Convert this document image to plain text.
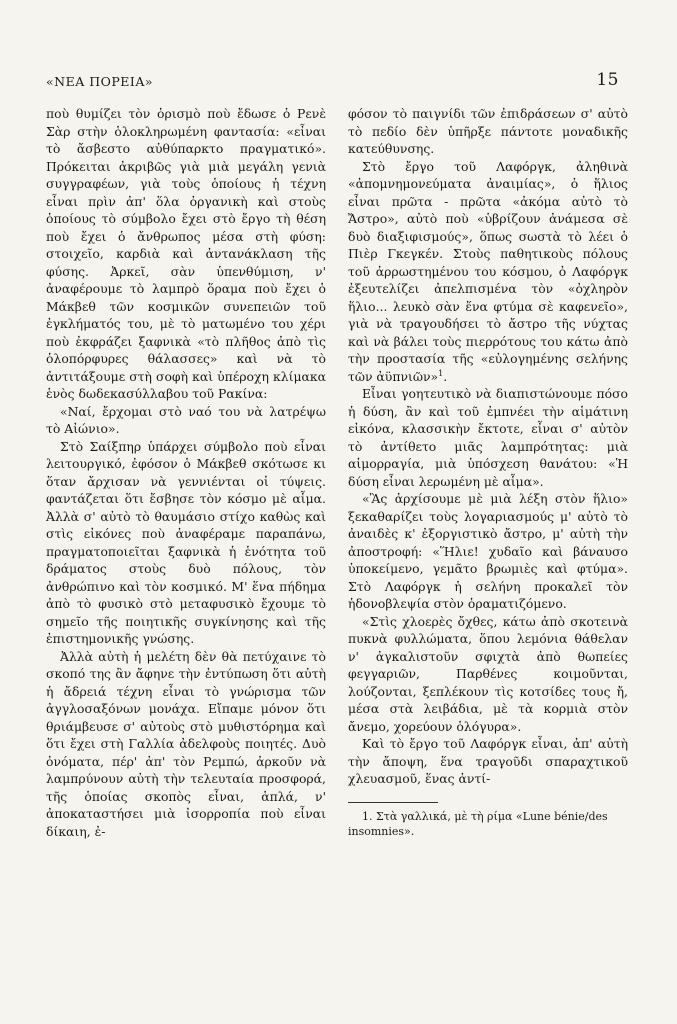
«ΝΕΑ ΠΟΡΕΙΑ»	15

ποὺ θυμίζει τὸν ὁρισμὸ ποὺ ἔδωσε ὁ Ρενὲ Σὰρ στὴν ὁλοκληρωμένη φαντασία: «εἶναι τὸ ἄσβεστο αὐθύπαρκτο πραγματικό». Πρόκειται ἀκριβῶς γιὰ μιὰ μεγάλη γενιὰ συγγραφέων, γιὰ τοὺς ὁποίους ἡ τέχνη εἶναι πρὶν ἀπ' ὅλα ὀργανικὴ καὶ στοὺς ὁποίους τὸ σύμβολο ἔχει στὸ ἔργο τὴ θέση ποὺ ἔχει ὁ ἄνθρωπος μέσα στὴ φύση: στοιχεῖο, καρδιὰ καὶ ἀντανάκλαση τῆς φύσης. Ἀρκεῖ, σὰν ὑπενθύμιση, ν' ἀναφέρουμε τὸ λαμπρὸ ὅραμα ποὺ ἔχει ὁ Μάκβεθ τῶν κοσμικῶν συνεπειῶν τοῦ ἐγκλήματός του, μὲ τὸ ματωμένο του χέρι ποὺ ἐκφράζει ξαφνικὰ «τὸ πλῆθος ἀπὸ τὶς ὁλοπόρφυρες θάλασσες» καὶ νὰ τὸ ἀντιτάξουμε στὴ σοφὴ καὶ ὑπέροχη κλίμακα ἑνὸς δωδεκασύλλαβου τοῦ Ρακίνα:

«Ναί, ἔρχομαι στὸ ναό του νὰ λατρέψω τὸ Αἰώνιο».

Στὸ Σαίξπηρ ὑπάρχει σύμβολο ποὺ εἶναι λειτουργικό, ἐφόσον ὁ Μάκβεθ σκότωσε κι ὅταν ἄρχισαν νὰ γεννιένται οἱ τύψεις. φαντάζεται ὅτι ἔσβησε τὸν κόσμο μὲ αἷμα. Ἀλλὰ σ' αὐτὸ τὸ θαυμάσιο στίχο καθὼς καὶ στὶς εἰκόνες ποὺ ἀναφέραμε παραπάνω, πραγματοποιεῖται ξαφνικὰ ἡ ἑνότητα τοῦ δράματος στοὺς δυὸ πόλους, τὸν ἀνθρώπινο καὶ τὸν κοσμικό. Μ' ἕνα πήδημα ἀπὸ τὸ φυσικὸ στὸ μεταφυσικὸ ἔχουμε τὸ σημεῖο τῆς ποιητικῆς συγκίνησης καὶ τῆς ἐπιστημονικῆς γνώσης.

Ἀλλὰ αὐτὴ ἡ μελέτη δὲν θὰ πετύχαινε τὸ σκοπό της ἂν ἄφηνε τὴν ἐντύπωση ὅτι αὐτὴ ἡ ἄδρειά τέχνη εἶναι τὸ γνώρισμα τῶν ἀγγλοσαξόνων μονάχα. Εἴπαμε μόνον ὅτι θριάμβευσε σ' αὐτοὺς στὸ μυθιστόρημα καὶ ὅτι ἔχει στὴ Γαλλία ἀδελφοὺς ποιητές. Δυὸ ὀνόματα, πέρ' ἀπ' τὸν Ρεμπώ, ἀρκοῦν νὰ λαμπρύνουν αὐτὴ τὴν τελευταία προσφορά, τῆς ὁποίας σκοπὸς εἶναι, ἁπλά, ν' ἀποκαταστήσει μιὰ ἰσορροπία ποὺ εἶναι δίκαιη, ἐ-

φόσον τὸ παιγνίδι τῶν ἐπιδράσεων σ' αὐτὸ τὸ πεδίο δὲν ὑπῆρξε πάντοτε μοναδικῆς κατεύθυνσης.

Στὸ ἔργο τοῦ Λαφόργκ, ἀληθινὰ «ἀπομνημονεύματα ἀναιμίας», ὁ ἥλιος εἶναι πρῶτα - πρῶτα «ἀκόμα αὐτὸ τὸ Ἄστρο», αὐτὸ ποὺ «ὑβρίζουν ἀνάμεσα σὲ δυὸ διαξιφισμούς», ὅπως σωστὰ τὸ λέει ὁ Πιὲρ Γκεγκέν. Στοὺς παθητικοὺς πόλους τοῦ ἀρρωστημένου του κόσμου, ὁ Λαφόργκ ἐξευτελίζει ἀπελπισμένα τὸν «ὀχληρὸν ἥλιο... λευκὸ σὰν ἕνα φτύμα σὲ καφενεῖο», γιὰ νὰ τραγουδήσει τὸ ἄστρο τῆς νύχτας καὶ νὰ βάλει τοὺς πιερρότους του κάτω ἀπὸ τὴν προστασία τῆς «εὐλογημένης σελήνης τῶν ἀϋπνιῶν»$^1$.

Εἶναι γοητευτικὸ νὰ διαπιστώνουμε πόσο ἡ δύση, ἂν καὶ τοῦ ἐμπνέει τὴν αἱμάτινη εἰκόνα, κλασσικὴν ἔκτοτε, εἶναι σ' αὐτὸν τὸ ἀντίθετο μιᾶς λαμπρότητας: μιὰ αἱμορραγία, μιὰ ὑπόσχεση θανάτου: «Ἡ δύση εἶναι λερωμένη μὲ αἷμα».

«Ἂς ἀρχίσουμε μὲ μιὰ λέξη στὸν ἥλιο» ξεκαθαρίζει τοὺς λογαριασμούς μ' αὐτὸ τὸ ἀναιδὲς κ' ἐξοργιστικὸ ἄστρο, μ' αὐτὴ τὴν ἀποστροφή: «Ἥλιε! χυδαῖο καὶ βάναυσο ὑποκείμενο, γεμᾶτο βρωμιὲς καὶ φτύμα». Στὸ Λαφόργκ ἡ σελήνη προκαλεῖ τὸν ἡδονοβλεψία στὸν ὁραματιζόμενο.

«Στὶς χλοερὲς ὄχθες, κάτω ἀπὸ σκοτεινὰ πυκνὰ φυλλώματα, ὅπου λεμόνια θάθελαν ν' ἀγκαλιστοῦν σφιχτὰ ἀπὸ θωπείες φεγγαριῶν, Παρθένες κοιμοῦνται, λούζονται, ξεπλέκουν τὶς κοτσίδες τους ἤ, μέσα στὰ λειβάδια, μὲ τὰ κορμιὰ στὸν ἄνεμο, χορεύουν ὁλόγυρα».

Καὶ τὸ ἔργο τοῦ Λαφόργκ εἶναι, ἀπ' αὐτὴ τὴν ἄποψη, ἕνα τραγοῦδι σπαραχτικοῦ χλευασμοῦ, ἕνας ἀντί-

1. Στὰ γαλλικά, μὲ τὴ ρίμα «Lune bénie/des insomnies».
